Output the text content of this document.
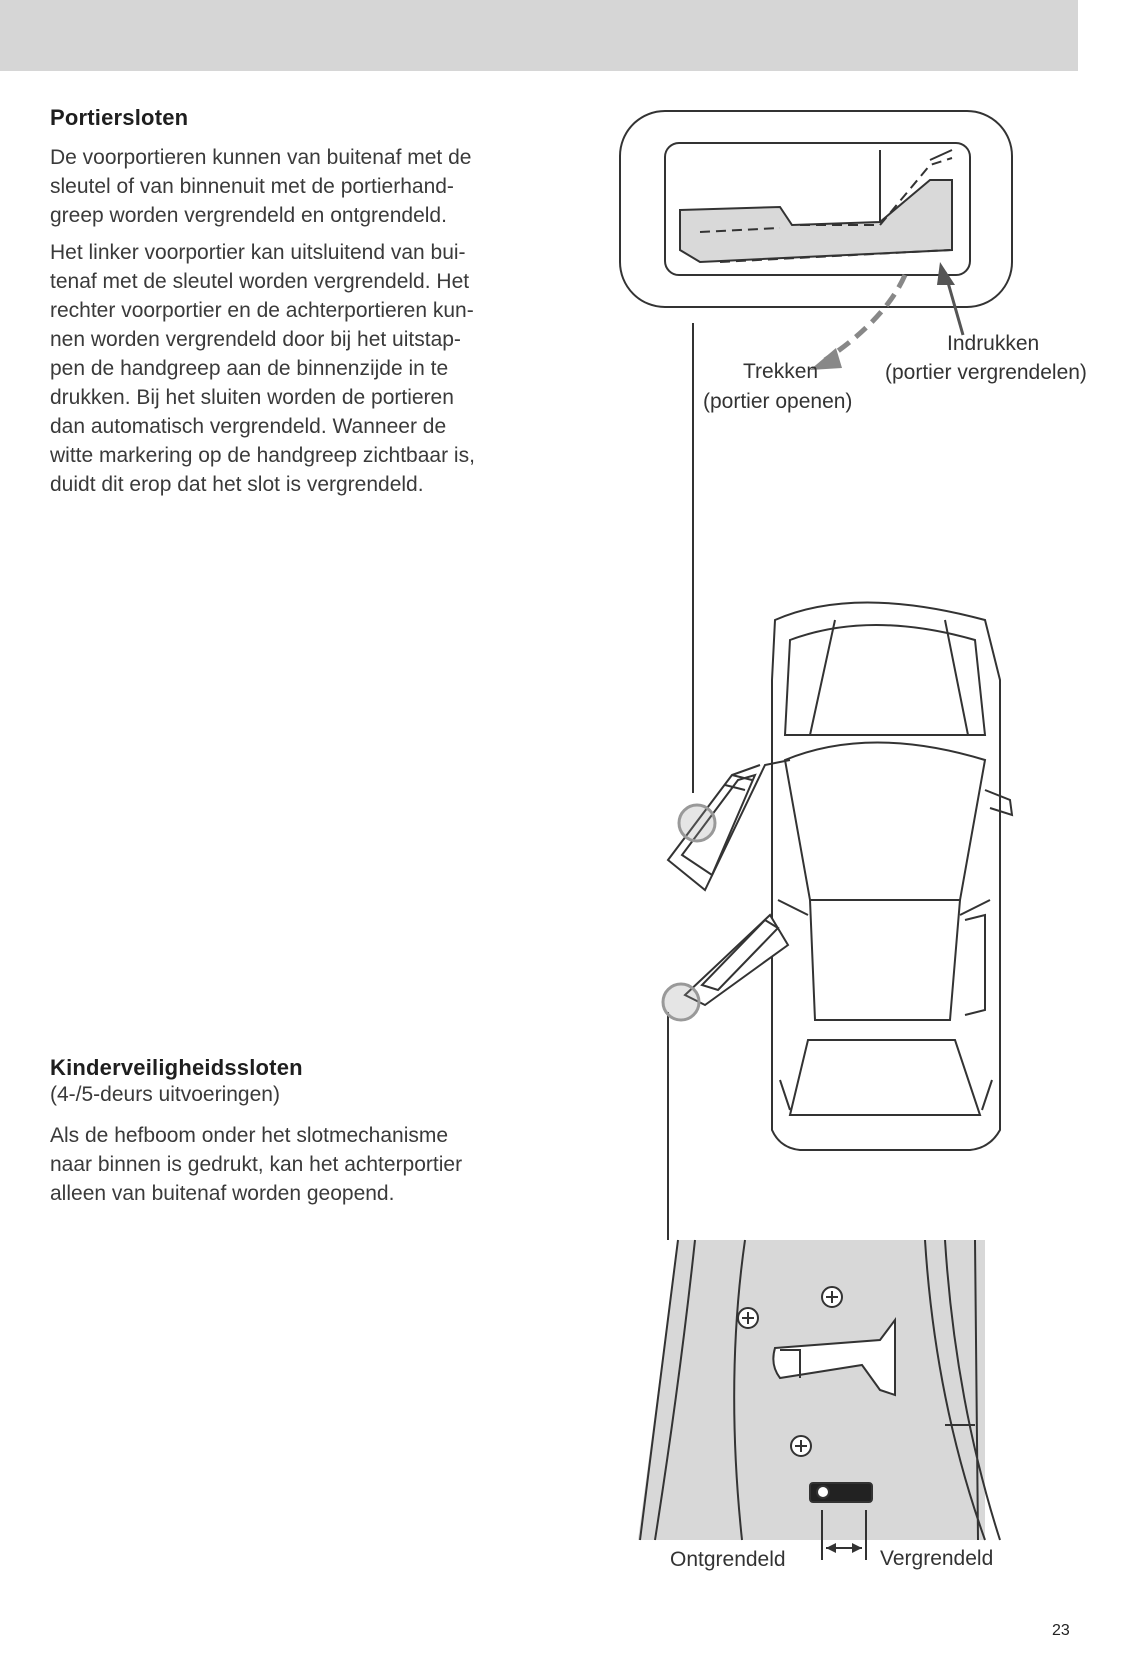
Portiersloten

De voorportieren kunnen van buitenaf met de
sleutel of van binnenuit met de portierhand-
greep worden vergrendeld en ontgrendeld.

Het linker voorportier kan uitsluitend van bui-
tenaf met de sleutel worden vergrendeld. Het
rechter voorportier en de achterportieren kun-
nen worden vergrendeld door bij het uitstap-
pen de handgreep aan de binnenzijde in te
drukken. Bij het sluiten worden de portieren
dan automatisch vergrendeld. Wanneer de
witte markering op de handgreep zichtbaar is,
duidt dit erop dat het slot is vergrendeld.

Kinderveiligheidssloten
(4-/5-deurs uitvoeringen)

Als de hefboom onder het slotmechanisme
naar binnen is gedrukt, kan het achterportier
alleen van buitenaf worden geopend.

Trekken
(portier openen)
Indrukken
(portier vergrendelen)
Ontgrendeld	Vergrendeld
23
